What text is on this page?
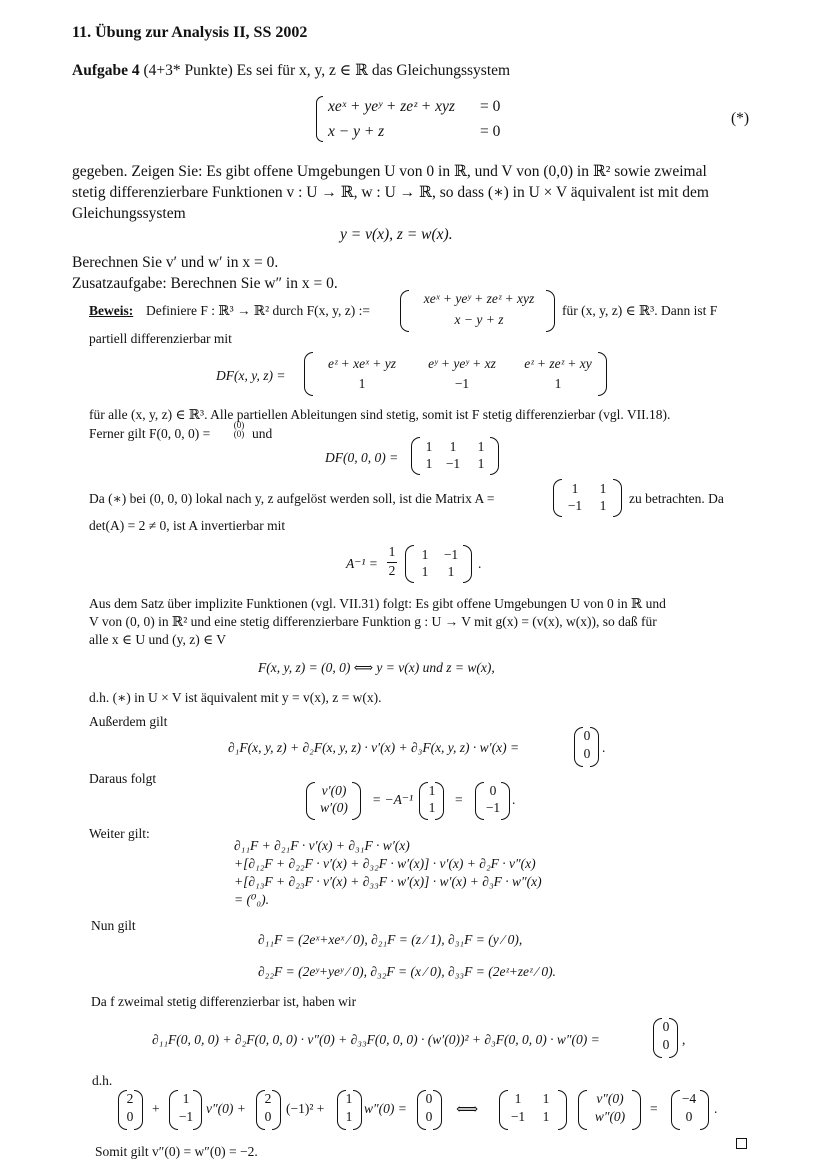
11. Übung zur Analysis II, SS 2002
Aufgabe 4 (4+3* Punkte) Es sei für x, y, z ∈ ℝ das Gleichungssystem
xeˣ + yeʸ + zeᶻ + xyz = 0
x − y + z	= 0
(*)
gegeben. Zeigen Sie: Es gibt offene Umgebungen U von 0 in ℝ, und V von (0,0) in ℝ² sowie zweimal
stetig differenzierbare Funktionen v : U → ℝ, w : U → ℝ, so dass (∗) in U × V äquivalent ist mit dem
Gleichungssystem
y = v(x), z = w(x).
Berechnen Sie v′ und w′ in x = 0.
Zusatzaufgabe: Berechnen Sie w″ in x = 0.
Beweis: Definiere F : ℝ³ → ℝ² durch F(x, y, z) :=
xeˣ + yeʸ + zeᶻ + xyz
x − y + z
für (x, y, z) ∈ ℝ³. Dann ist F
partiell differenzierbar mit
DF(x, y, z) =
eᶻ + xeˣ + yz	eʸ + yeʸ + xz	eᶻ + zeᶻ + xy
1	−1	1
für alle (x, y, z) ∈ ℝ³. Alle partiellen Ableitungen sind stetig, somit ist F stetig differenzierbar (vgl. VII.18).
Ferner gilt F(0, 0, 0) =
(0)
(0) und
DF(0, 0, 0) =
1	1	1
1 −1	1
Da (∗) bei (0, 0, 0) lokal nach y, z aufgelöst werden soll, ist die Matrix A =
1	1
−1	1	zu betrachten. Da
det(A) = 2 ≠ 0, ist A invertierbar mit
A⁻¹ =
1
2
1	−1
1	1
.
Aus dem Satz über implizite Funktionen (vgl. VII.31) folgt: Es gibt offene Umgebungen U von 0 in ℝ und
V von (0, 0) in ℝ² und eine stetig differenzierbare Funktion g : U → V mit g(x) = (v(x), w(x)), so daß für
alle x ∈ U und (y, z) ∈ V
F(x, y, z) = (0, 0) ⟺ y = v(x) und z = w(x),
d.h. (∗) in U × V ist äquivalent mit y = v(x), z = w(x).
Außerdem gilt
∂₁F(x, y, z) + ∂₂F(x, y, z) · v′(x) + ∂₃F(x, y, z) · w′(x) =
0
0 .
Daraus folgt
v′(0)
w′(0)
= −A⁻¹
1
1
=
0
−1
.
Weiter gilt:
∂₁₁F + ∂₂₁F · v′(x) + ∂₃₁F · w′(x)
+[∂₁₂F + ∂₂₂F · v′(x) + ∂₃₂F · w′(x)] · v′(x) + ∂₂F · v″(x)
+[∂₁₃F + ∂₂₃F · v′(x) + ∂₃₃F · w′(x)] · w′(x) + ∂₃F · w″(x)
= (⁰₀).
Nun gilt
∂₁₁F = (2eˣ+xeˣ ⁄ 0), ∂₂₁F = (z ⁄ 1), ∂₃₁F = (y ⁄ 0),
∂₂₂F = (2eʸ+yeʸ ⁄ 0), ∂₃₂F = (x ⁄ 0), ∂₃₃F = (2eᶻ+zeᶻ ⁄ 0).
Da f zweimal stetig differenzierbar ist, haben wir
∂₁₁F(0, 0, 0) + ∂₂F(0, 0, 0) · v″(0) + ∂₃₃F(0, 0, 0) · (w′(0))² + ∂₃F(0, 0, 0) · w″(0) =
0
0 ,
d.h.
2
0
+
1
−1
v″(0) +
2
0
(−1)² +
1
1
w″(0) =
0
0 ⟺
1	1
−1	1
v″(0)
w″(0)
=
−4
0
.
Somit gilt v″(0) = w″(0) = −2.
